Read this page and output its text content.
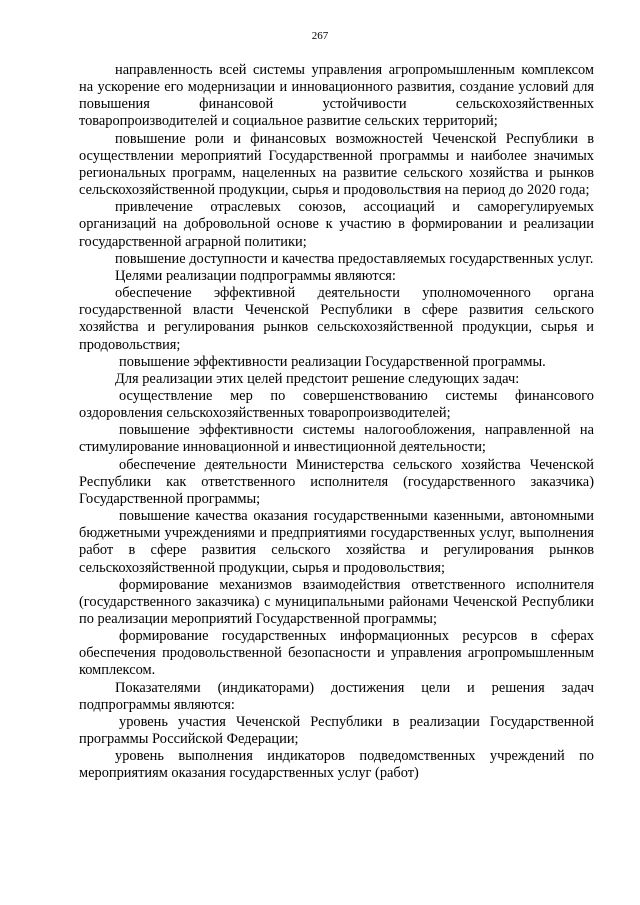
267

направленность всей системы управления агропромышленным комплексом на ускорение его модернизации и инновационного развития, создание условий для повышения финансовой устойчивости сельскохозяйственных товаропроизводителей и социальное развитие сельских территорий;

повышение роли и финансовых возможностей Чеченской Республики в осуществлении мероприятий Государственной программы и наиболее значимых региональных программ, нацеленных на развитие сельского хозяйства и рынков сельскохозяйственной продукции, сырья и продовольствия на период до 2020 года;

привлечение отраслевых союзов, ассоциаций и саморегулируемых организаций на добровольной основе к участию в формировании и реализации государственной аграрной политики;

повышение доступности и качества предоставляемых государственных услуг.

Целями реализации подпрограммы являются:

обеспечение эффективной деятельности уполномоченного органа государственной власти Чеченской Республики в сфере развития сельского хозяйства и регулирования рынков сельскохозяйственной продукции, сырья и продовольствия;

повышение эффективности реализации Государственной программы.

Для реализации этих целей предстоит решение следующих задач:

осуществление мер по совершенствованию системы финансового оздоровления сельскохозяйственных товаропроизводителей;

повышение эффективности системы налогообложения, направленной на стимулирование инновационной и инвестиционной деятельности;

обеспечение деятельности Министерства сельского хозяйства Чеченской Республики как ответственного исполнителя (государственного заказчика) Государственной программы;

повышение качества оказания государственными казенными, автономными бюджетными учреждениями и предприятиями государственных услуг, выполнения работ в сфере развития сельского хозяйства и регулирования рынков сельскохозяйственной продукции, сырья и продовольствия;

формирование механизмов взаимодействия ответственного исполнителя (государственного заказчика) с муниципальными районами Чеченской Республики по реализации мероприятий Государственной программы;

формирование государственных информационных ресурсов в сферах обеспечения продовольственной безопасности и управления агропромышленным комплексом.

Показателями (индикаторами) достижения цели и решения задач подпрограммы являются:

уровень участия Чеченской Республики в реализации Государственной программы Российской Федерации;

уровень выполнения индикаторов подведомственных учреждений по мероприятиям оказания государственных услуг (работ)
